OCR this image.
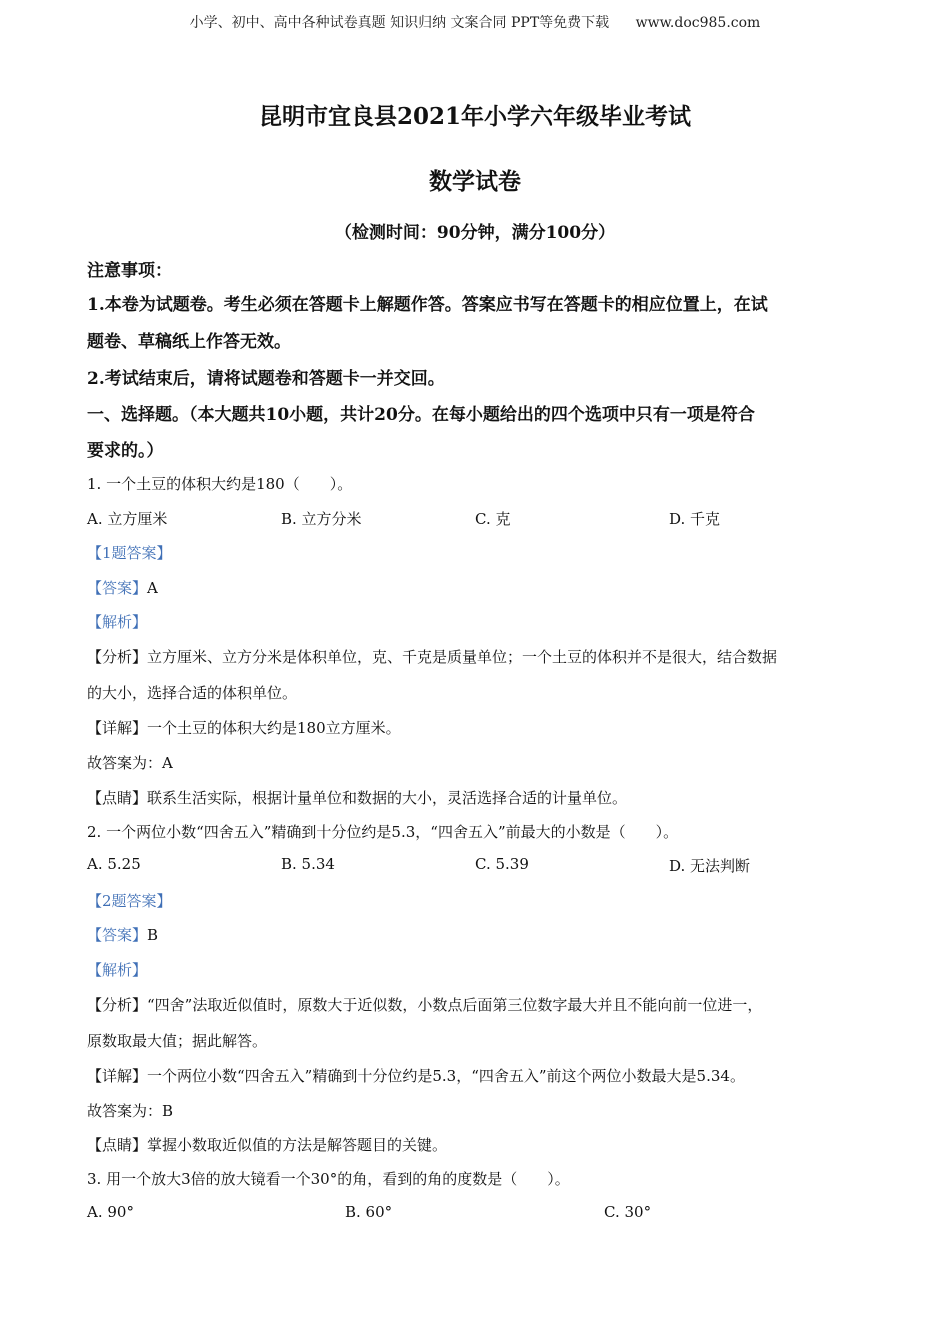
小学、初中、高中各种试卷真题 知识归纳 文案合同 PPT等免费下载 www.doc985.com
昆明市宜良县2021年小学六年级毕业考试
数学试卷
（检测时间：90分钟，满分100分）
注意事项：
1.本卷为试题卷。考生必须在答题卡上解题作答。答案应书写在答题卡的相应位置上，在试
题卷、草稿纸上作答无效。
2.考试结束后，请将试题卷和答题卡一并交回。
一、选择题。（本大题共10小题，共计20分。在每小题给出的四个选项中只有一项是符合
要求的。）
1. 一个土豆的体积大约是180（　　）。
A. 立方厘米	B. 立方分米	C. 克	D. 千克
【1题答案】
【答案】A
【解析】
【分析】立方厘米、立方分米是体积单位，克、千克是质量单位；一个土豆的体积并不是很大，结合数据
的大小，选择合适的体积单位。
【详解】一个土豆的体积大约是180立方厘米。
故答案为：A
【点睛】联系生活实际，根据计量单位和数据的大小，灵活选择合适的计量单位。
2. 一个两位小数“四舍五入”精确到十分位约是5.3，“四舍五入”前最大的小数是（　　）。
A. 5.25	B. 5.34	C. 5.39	D. 无法判断
【2题答案】
【答案】B
【解析】
【分析】“四舍”法取近似值时，原数大于近似数，小数点后面第三位数字最大并且不能向前一位进一，
原数取最大值；据此解答。
【详解】一个两位小数“四舍五入”精确到十分位约是5.3，“四舍五入”前这个两位小数最大是5.34。
故答案为：B
【点睛】掌握小数取近似值的方法是解答题目的关键。
3. 用一个放大3倍的放大镜看一个30°的角，看到的角的度数是（　　）。
A. 90°	B. 60°	C. 30°
